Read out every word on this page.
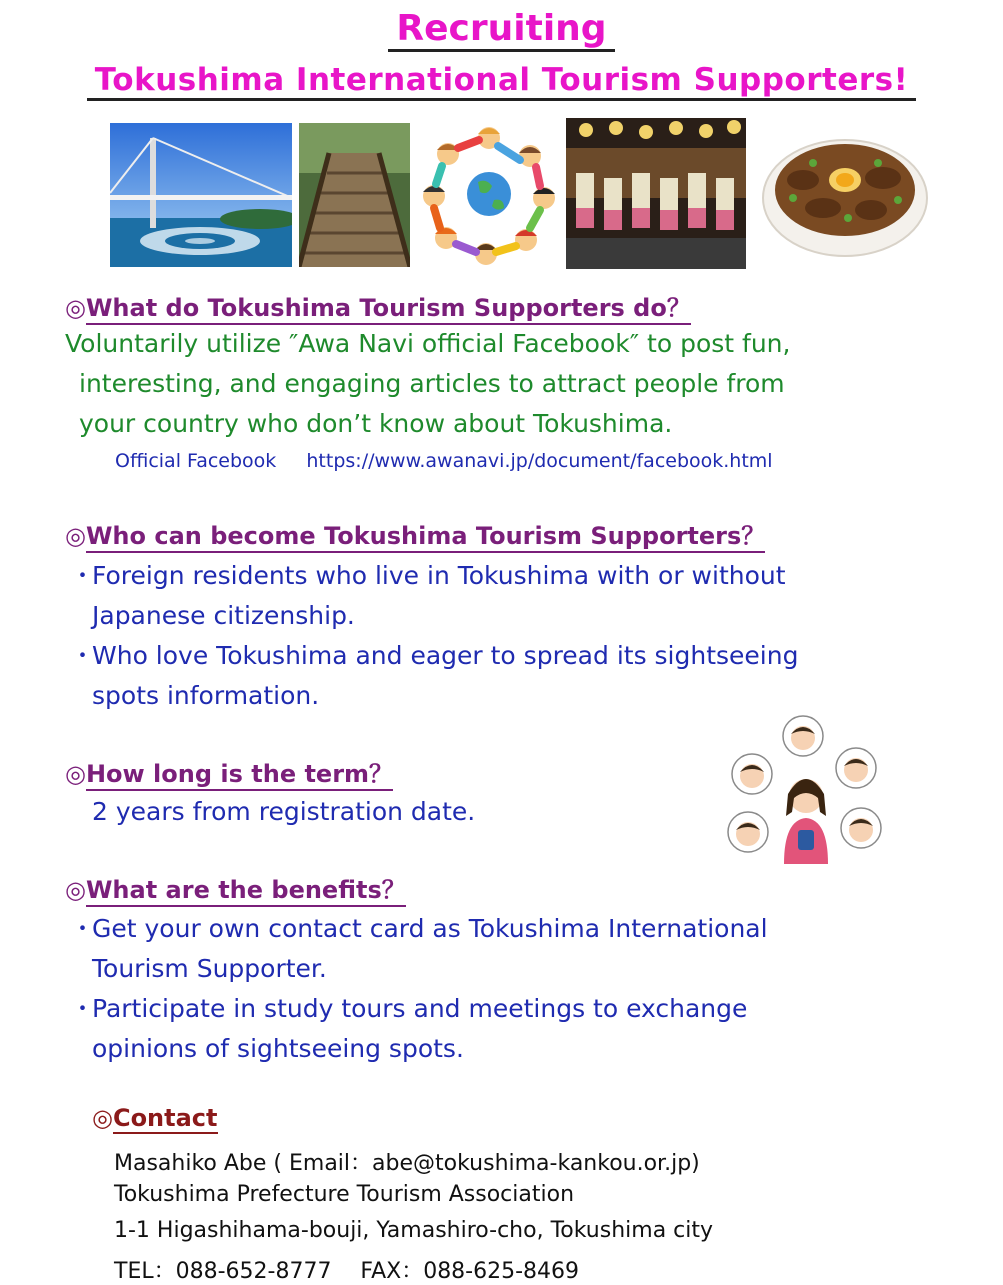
Recruiting
Tokushima International Tourism Supporters!
◎What do Tokushima Tourism Supporters do？
Voluntarily utilize ″Awa Navi official Facebook″ to post fun,
interesting, and engaging articles to attract people from
your country who don’t know about Tokushima.
Official Facebook https://www.awanavi.jp/document/facebook.html
◎Who can become Tokushima Tourism Supporters？
・
Foreign residents who live in Tokushima with or without
Japanese citizenship.
・
Who love Tokushima and eager to spread its sightseeing
spots information.
◎How long is the term？
2 years from registration date.
◎What are the benefits？
・
Get your own contact card as Tokushima International
Tourism Supporter.
・
Participate in study tours and meetings to exchange
opinions of sightseeing spots.
◎Contact
Masahiko Abe ( Email：abe@tokushima-kankou.or.jp)
Tokushima Prefecture Tourism Association
1-1 Higashihama-bouji, Yamashiro-cho, Tokushima city
TEL：088-652-8777　 FAX：088-625-8469
